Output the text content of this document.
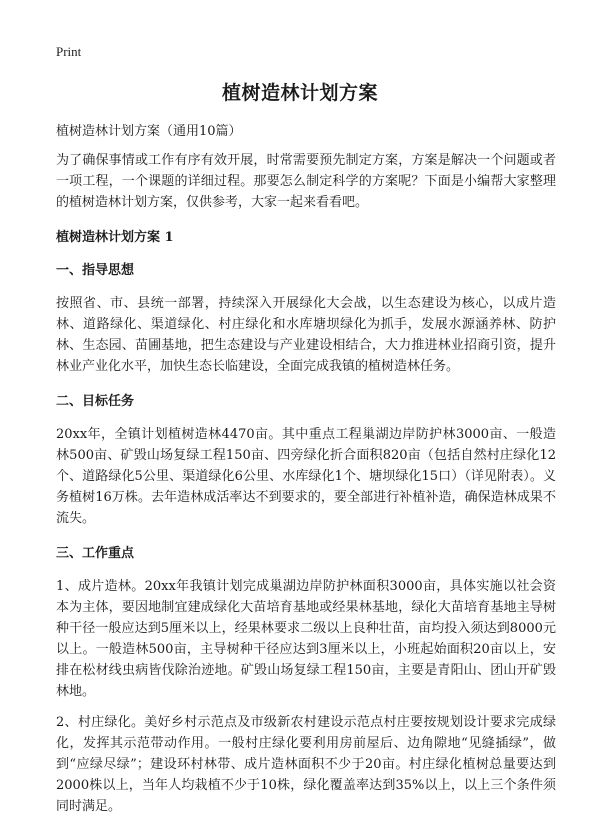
Print
植树造林计划方案

植树造林计划方案（通用10篇）

为了确保事情或工作有序有效开展，时常需要预先制定方案，方案是解决一个问题或者一项工程，一个课题的详细过程。那要怎么制定科学的方案呢？下面是小编帮大家整理的植树造林计划方案，仅供参考，大家一起来看看吧。

植树造林计划方案 1

一、指导思想

按照省、市、县统一部署，持续深入开展绿化大会战，以生态建设为核心，以成片造林、道路绿化、渠道绿化、村庄绿化和水库塘坝绿化为抓手，发展水源涵养林、防护林、生态园、苗圃基地，把生态建设与产业建设相结合，大力推进林业招商引资，提升林业产业化水平，加快生态长临建设，全面完成我镇的植树造林任务。

二、目标任务

20xx年，全镇计划植树造林4470亩。其中重点工程巢湖边岸防护林3000亩、一般造林500亩、矿毁山场复绿工程150亩、四旁绿化折合面积820亩（包括自然村庄绿化12个、道路绿化5公里、渠道绿化6公里、水库绿化1个、塘坝绿化15口）（详见附表）。义务植树16万株。去年造林成活率达不到要求的，要全部进行补植补造，确保造林成果不流失。

三、工作重点

1、成片造林。20xx年我镇计划完成巢湖边岸防护林面积3000亩，具体实施以社会资本为主体，要因地制宜建成绿化大苗培育基地或经果林基地，绿化大苗培育基地主导树种干径一般应达到5厘米以上，经果林要求二级以上良种壮苗，亩均投入须达到8000元以上。一般造林500亩，主导树种干径应达到3厘米以上，小班起始面积20亩以上，安排在松材线虫病皆伐除治迹地。矿毁山场复绿工程150亩，主要是青阳山、团山开矿毁林地。

2、村庄绿化。美好乡村示范点及市级新农村建设示范点村庄要按规划设计要求完成绿化，发挥其示范带动作用。一般村庄绿化要利用房前屋后、边角隙地“见缝插绿”，做到“应绿尽绿”；建设环村林带、成片造林面积不少于20亩。村庄绿化植树总量要达到2000株以上，当年人均栽植不少于10株，绿化覆盖率达到35%以上，以上三个条件须同时满足。
